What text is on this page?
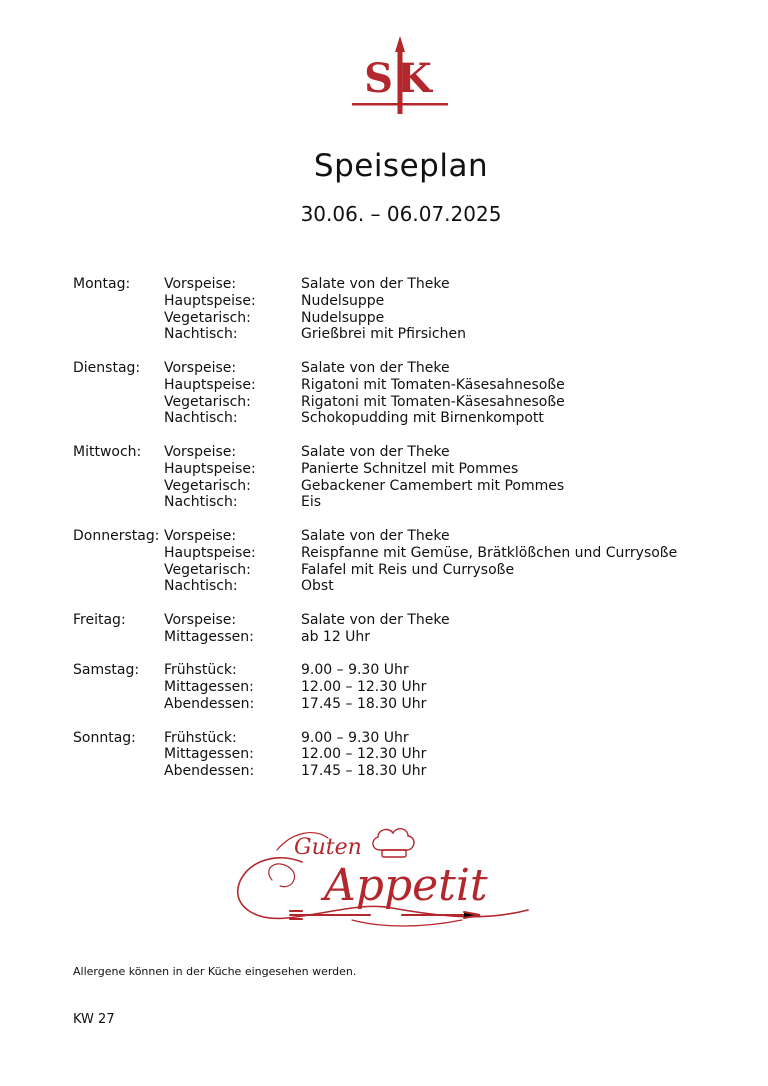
SK
Speiseplan
30.06. – 06.07.2025
Montag: Vorspeise:	Salate von der Theke
Hauptspeise:	Nudelsuppe
Vegetarisch:	Nudelsuppe
Nachtisch:	Grießbrei mit Pfirsichen
Dienstag: Vorspeise:	Salate von der Theke
Hauptspeise:	Rigatoni mit Tomaten-Käsesahnesoße
Vegetarisch:	Rigatoni mit Tomaten-Käsesahnesoße
Nachtisch:	Schokopudding mit Birnenkompott
Mittwoch: Vorspeise:	Salate von der Theke
Hauptspeise:	Panierte Schnitzel mit Pommes
Vegetarisch:	Gebackener Camembert mit Pommes
Nachtisch:	Eis
Donnerstag: Vorspeise:	Salate von der Theke
Hauptspeise:	Reispfanne mit Gemüse, Brätklößchen und Currysoße
Vegetarisch:	Falafel mit Reis und Currysoße
Nachtisch:	Obst
Freitag:	Vorspeise:	Salate von der Theke
Mittagessen:	ab 12 Uhr
Samstag: Frühstück:	9.00 – 9.30 Uhr
Mittagessen:	12.00 – 12.30 Uhr
Abendessen:	17.45 – 18.30 Uhr
Sonntag: Frühstück:	9.00 – 9.30 Uhr
Mittagessen:	12.00 – 12.30 Uhr
Abendessen:	17.45 – 18.30 Uhr
Guten
Appetit

Allergene können in der Küche eingesehen werden.

KW 27
